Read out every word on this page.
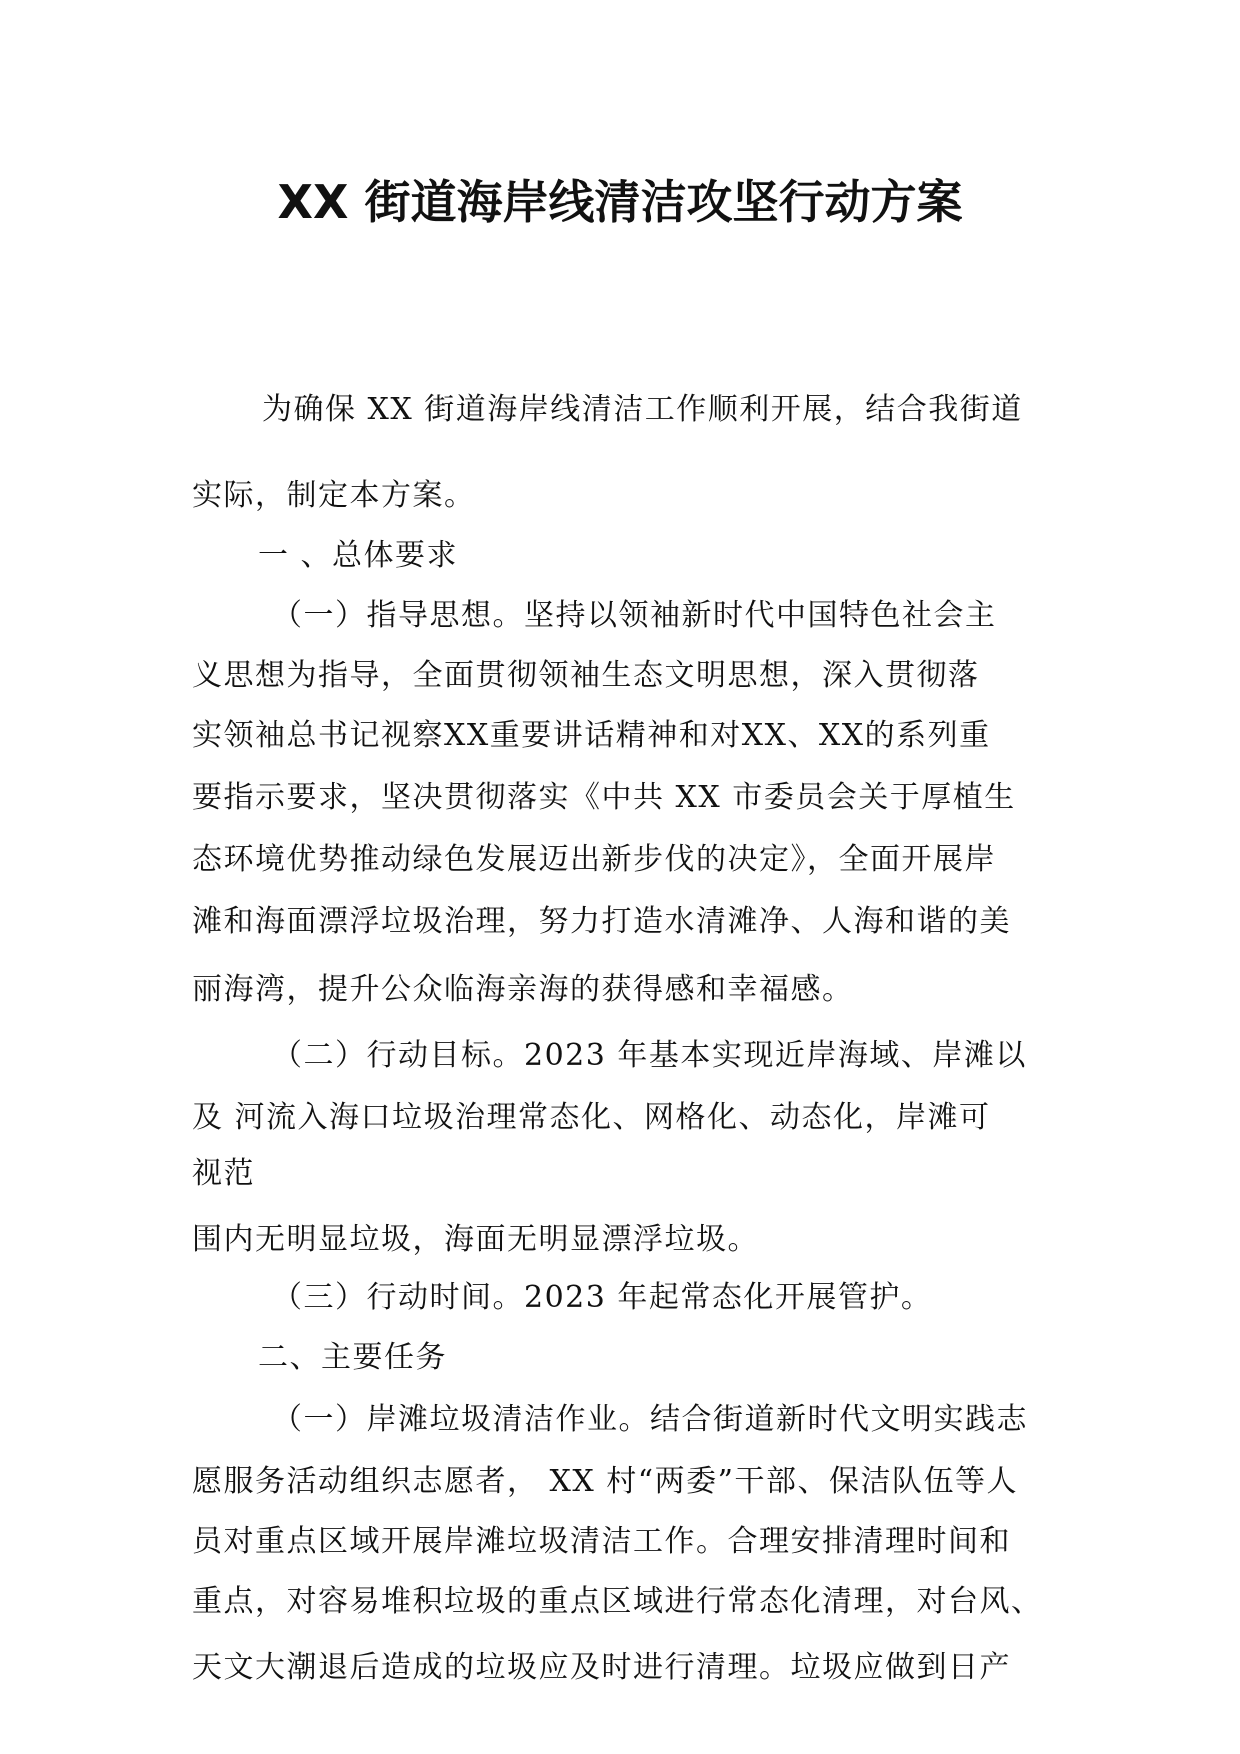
XX 街道海岸线清洁攻坚行动方案

为确保 XX 街道海岸线清洁工作顺利开展，结合我街道

实际，制定本方案。

一 、总体要求

（一）指导思想。坚持以领袖新时代中国特色社会主

义思想为指导，全面贯彻领袖生态文明思想，深入贯彻落

实领袖总书记视察XX重要讲话精神和对XX、XX的系列重

要指示要求，坚决贯彻落实《中共 XX 市委员会关于厚植生

态环境优势推动绿色发展迈出新步伐的决定》，全面开展岸

滩和海面漂浮垃圾治理，努力打造水清滩净、人海和谐的美

丽海湾，提升公众临海亲海的获得感和幸福感。

（二）行动目标。2023 年基本实现近岸海域、岸滩以

及 河流入海口垃圾治理常态化、网格化、动态化，岸滩可

视范

围内无明显垃圾，海面无明显漂浮垃圾。

（三）行动时间。2023 年起常态化开展管护。

二、主要任务

（一）岸滩垃圾清洁作业。结合街道新时代文明实践志

愿服务活动组织志愿者， XX 村“两委”干部、保洁队伍等人

员对重点区域开展岸滩垃圾清洁工作。合理安排清理时间和

重点，对容易堆积垃圾的重点区域进行常态化清理，对台风、

天文大潮退后造成的垃圾应及时进行清理。垃圾应做到日产
